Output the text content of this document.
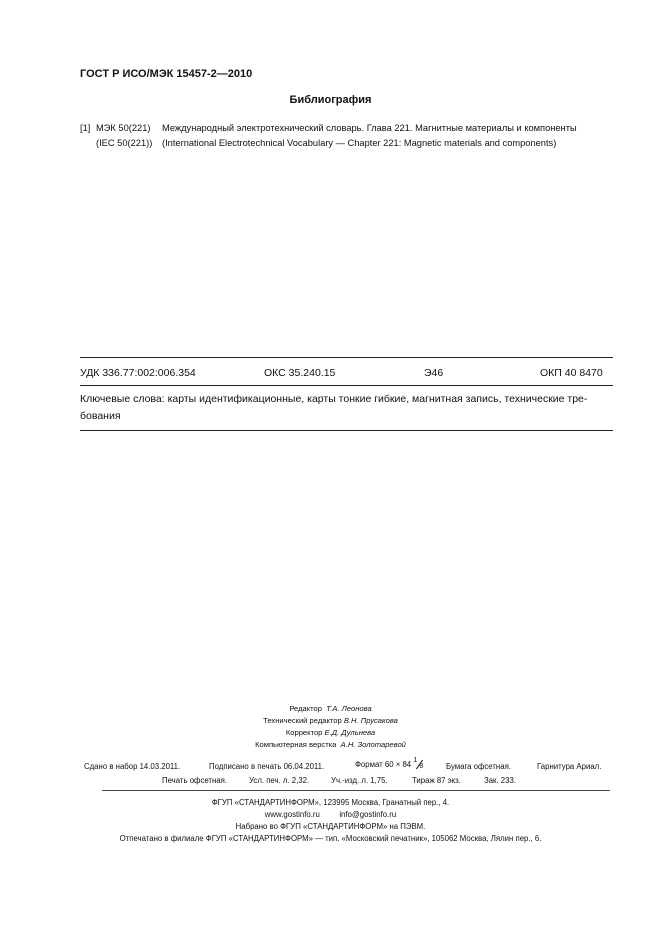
ГОСТ Р ИСО/МЭК 15457-2—2010
Библиография
[1] МЭК 50(221) Международный электротехнический словарь. Глава 221. Магнитные материалы и компоненты
(IEC 50(221)) (International Electrotechnical Vocabulary — Chapter 221: Magnetic materials and components)
УДК 336.77:002:006.354	ОКС 35.240.15	Э46	ОКП 40 8470
Ключевые слова: карты идентификационные, карты тонкие гибкие, магнитная запись, технические тре-бования
Редактор Т.А. Леонова
Технический редактор В.Н. Прусакова
Корректор Е.Д. Дульнева
Компьютерная верстка А.Н. Золотаревой
Сдано в набор 14.03.2011.	Подписано в печать 06.04.2011.	Формат 60 × 84 1
8	Бумага офсетная.	Гарнитура Ариал.
Печать офсетная.	Усл. печ. л. 2,32.	Уч.-изд. л. 1,75.	Тираж 87 экз.	Зак. 233.
ФГУП «СТАНДАРТИНФОРМ», 123995 Москва, Гранатный пер., 4.
www.gostinfo.ru	info@gostinfo.ru
Набрано во ФГУП «СТАНДАРТИНФОРМ» на ПЭВМ.
Отпечатано в филиале ФГУП «СТАНДАРТИНФОРМ» — тип. «Московский печатник», 105062 Москва, Лялин пер., 6.
